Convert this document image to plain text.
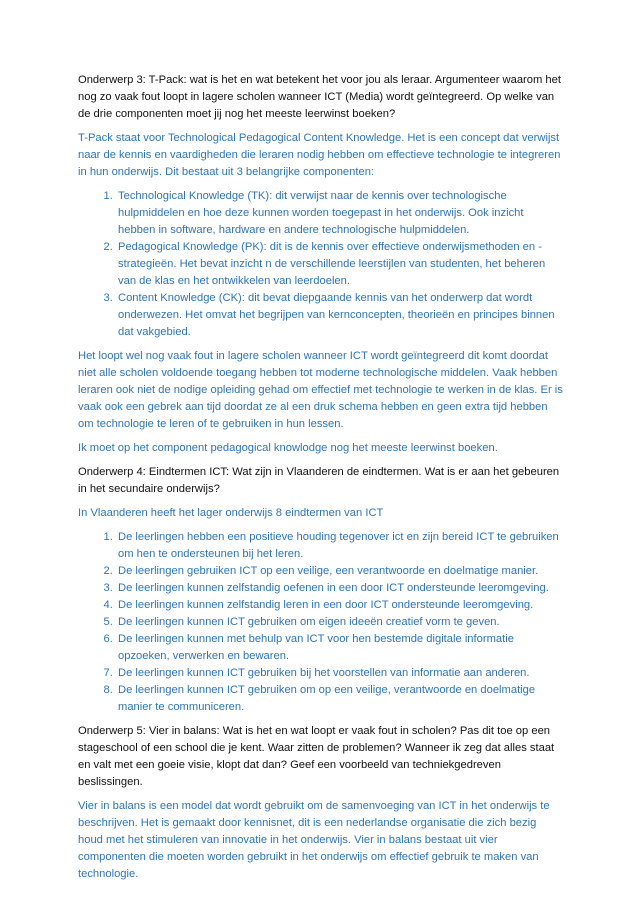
Onderwerp 3: T-Pack: wat is het en wat betekent het voor jou als leraar. Argumenteer waarom het nog zo vaak fout loopt in lagere scholen wanneer ICT (Media) wordt geïntegreerd. Op welke van de drie componenten moet jij nog het meeste leerwinst boeken?

T-Pack staat voor Technological Pedagogical Content Knowledge. Het is een concept dat verwijst naar de kennis en vaardigheden die leraren nodig hebben om effectieve technologie te integreren in hun onderwijs. Dit bestaat uit 3 belangrijke componenten:

1. Technological Knowledge (TK): dit verwijst naar de kennis over technologische hulpmiddelen en hoe deze kunnen worden toegepast in het onderwijs. Ook inzicht hebben in software, hardware en andere technologische hulpmiddelen.
2. Pedagogical Knowledge (PK): dit is de kennis over effectieve onderwijsmethoden en -strategieën. Het bevat inzicht n de verschillende leerstijlen van studenten, het beheren van de klas en het ontwikkelen van leerdoelen.
3. Content Knowledge (CK): dit bevat diepgaande kennis van het onderwerp dat wordt onderwezen. Het omvat het begrijpen van kernconcepten, theorieën en principes binnen dat vakgebied.

Het loopt wel nog vaak fout in lagere scholen wanneer ICT wordt geïntegreerd dit komt doordat niet alle scholen voldoende toegang hebben tot moderne technologische middelen. Vaak hebben leraren ook niet de nodige opleiding gehad om effectief met technologie te werken in de klas. Er is vaak ook een gebrek aan tijd doordat ze al een druk schema hebben en geen extra tijd hebben om technologie te leren of te gebruiken in hun lessen.

Ik moet op het component pedagogical knowlodge nog het meeste leerwinst boeken.

Onderwerp 4: Eindtermen ICT: Wat zijn in Vlaanderen de eindtermen. Wat is er aan het gebeuren in het secundaire onderwijs?

In Vlaanderen heeft het lager onderwijs 8 eindtermen van ICT

1. De leerlingen hebben een positieve houding tegenover ict en zijn bereid ICT te gebruiken om hen te ondersteunen bij het leren.
2. De leerlingen gebruiken ICT op een veilige, een verantwoorde en doelmatige manier.
3. De leerlingen kunnen zelfstandig oefenen in een door ICT ondersteunde leeromgeving.
4. De leerlingen kunnen zelfstandig leren in een door ICT ondersteunde leeromgeving.
5. De leerlingen kunnen ICT gebruiken om eigen ideeën creatief vorm te geven.
6. De leerlingen kunnen met behulp van ICT voor hen bestemde digitale informatie opzoeken, verwerken en bewaren.
7. De leerlingen kunnen ICT gebruiken bij het voorstellen van informatie aan anderen.
8. De leerlingen kunnen ICT gebruiken om op een veilige, verantwoorde en doelmatige manier te communiceren.

Onderwerp 5: Vier in balans: Wat is het en wat loopt er vaak fout in scholen? Pas dit toe op een stageschool of een school die je kent. Waar zitten de problemen? Wanneer ik zeg dat alles staat en valt met een goeie visie, klopt dat dan? Geef een voorbeeld van techniekgedreven beslissingen.

Vier in balans is een model dat wordt gebruikt om de samenvoeging van ICT in het onderwijs te beschrijven. Het is gemaakt door kennisnet, dit is een nederlandse organisatie die zich bezig houd met het stimuleren van innovatie in het onderwijs. Vier in balans bestaat uit vier componenten die moeten worden gebruikt in het onderwijs om effectief gebruik te maken van technologie.
